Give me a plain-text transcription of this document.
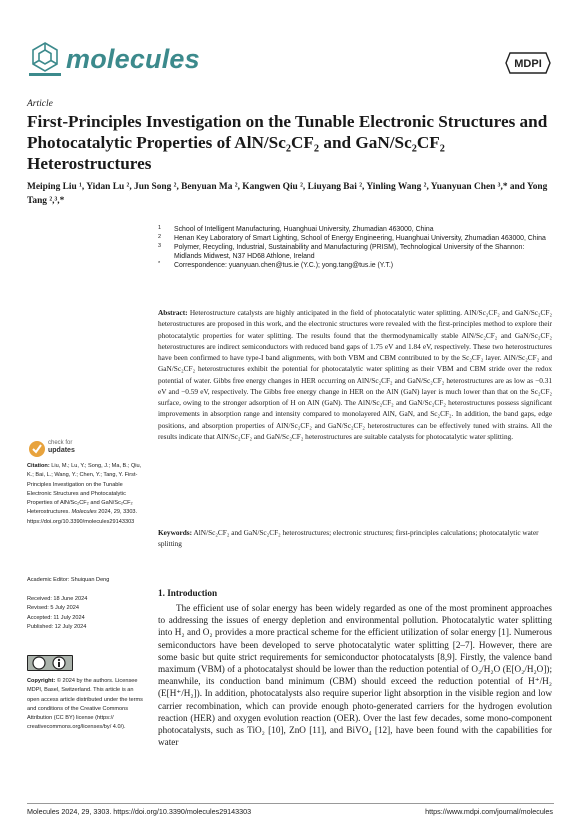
molecules	MDPI
Article
First-Principles Investigation on the Tunable Electronic Structures and Photocatalytic Properties of AlN/Sc₂CF₂ and GaN/Sc₂CF₂ Heterostructures
Meiping Liu ¹, Yidan Lu ², Jun Song ², Benyuan Ma ², Kangwen Qiu ², Liuyang Bai ², Yinling Wang ², Yuanyuan Chen ³,* and Yong Tang ²,³,*
1 School of Intelligent Manufacturing, Huanghuai University, Zhumadian 463000, China
2 Henan Key Laboratory of Smart Lighting, School of Energy Engineering, Huanghuai University, Zhumadian 463000, China
3 Polymer, Recycling, Industrial, Sustainability and Manufacturing (PRISM), Technological University of the Shannon: Midlands Midwest, N37 HD68 Athlone, Ireland
* Correspondence: yuanyuan.chen@tus.ie (Y.C.); yong.tang@tus.ie (Y.T.)
Abstract: Heterostructure catalysts are highly anticipated in the field of photocatalytic water splitting. AlN/Sc₂CF₂ and GaN/Sc₂CF₂ heterostructures are proposed in this work, and the electronic structures were revealed with the first-principles method to explore their photocatalytic properties for water splitting. The results found that the thermodynamically stable AlN/Sc₂CF₂ and GaN/Sc₂CF₂ heterostructures are indirect semiconductors with reduced band gaps of 1.75 eV and 1.84 eV, respectively. These two heterostructures have been confirmed to have type-I band alignments, with both VBM and CBM contributed to by the Sc₂CF₂ layer. AlN/Sc₂CF₂ and GaN/Sc₂CF₂ heterostructures exhibit the potential for photocatalytic water splitting as their VBM and CBM stride over the redox potential of water. Gibbs free energy changes in HER occurring on AlN/Sc₂CF₂ and GaN/Sc₂CF₂ heterostructures are as low as −0.31 eV and −0.59 eV, respectively. The Gibbs free energy change in HER on the AlN (GaN) layer is much lower than that on the Sc₂CF₂ surface, owing to the stronger adsorption of H on AlN (GaN). The AlN/Sc₂CF₂ and GaN/Sc₂CF₂ heterostructures possess significant improvements in absorption range and intensity compared to monolayered AlN, GaN, and Sc₂CF₂. In addition, the band gaps, edge positions, and absorption properties of AlN/Sc₂CF₂ and GaN/Sc₂CF₂ heterostructures can be effectively tuned with strains. All the results indicate that AlN/Sc₂CF₂ and GaN/Sc₂CF₂ heterostructures are suitable catalysts for photocatalytic water splitting.
Keywords: AlN/Sc₂CF₂ and GaN/Sc₂CF₂ heterostructures; electronic structures; first-principles calculations; photocatalytic water splitting
check for
updates
Citation: Liu, M.; Lu, Y.; Song, J.; Ma, B.; Qiu, K.; Bai, L.; Wang, Y.; Chen, Y.; Tang, Y. First-Principles Investigation on the Tunable Electronic Structures and Photocatalytic Properties of AlN/Sc₂CF₂ and GaN/Sc₂CF₂ Heterostructures. Molecules 2024, 29, 3303. https://doi.org/10.3390/molecules29143303
Academic Editor: Shuiquan Deng
Received: 18 June 2024
Revised: 5 July 2024
Accepted: 11 July 2024
Published: 12 July 2024
Copyright: © 2024 by the authors. Licensee MDPI, Basel, Switzerland. This article is an open access article distributed under the terms and conditions of the Creative Commons Attribution (CC BY) license (https:// creativecommons.org/licenses/by/ 4.0/).
1. Introduction

The efficient use of solar energy has been widely regarded as one of the most prominent approaches to addressing the issues of energy depletion and environmental pollution. Photocatalytic water splitting into H₂ and O₂ provides a more practical scheme for the efficient utilization of solar energy [1]. Numerous semiconductors have been developed to serve photocatalytic water splitting [2–7]. However, there are some basic but quite strict requirements for semiconductor photocatalysts [8,9]. Firstly, the valence band maximum (VBM) of a photocatalyst should be lower than the reduction potential of O₂/H₂O (E[O₂/H₂O]); meanwhile, its conduction band minimum (CBM) should exceed the reduction potential of H⁺/H₂ (E[H⁺/H₂]). In addition, photocatalysts also require superior light absorption in the visible region and low carrier recombination, which can provide enough photo-generated carriers for the hydrogen evolution reaction (HER) and oxygen evolution reaction (OER). Over the last few decades, some mono-component photocatalysts, such as TiO₂ [10], ZnO [11], and BiVO₄ [12], have been found with the capabilities for water

Molecules 2024, 29, 3303. https://doi.org/10.3390/molecules29143303	https://www.mdpi.com/journal/molecules
